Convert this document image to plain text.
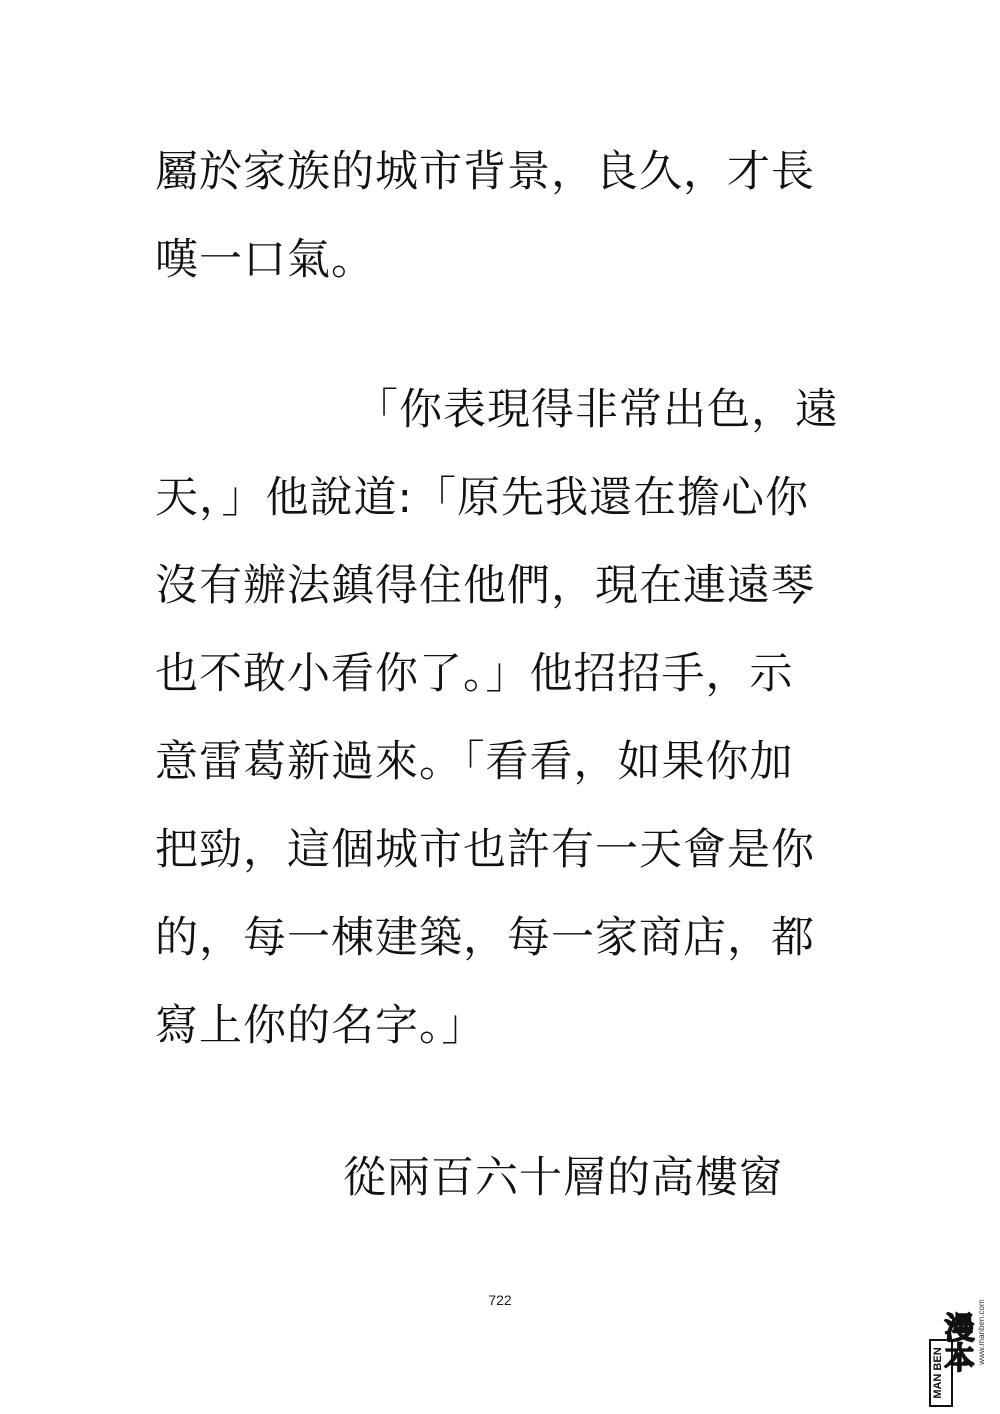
屬於家族的城市背景，良久，才長
嘆一口氣。
「你表現得非常出色，遠
天，」他說道:「原先我還在擔心你
沒有辦法鎮得住他們，現在連遠琴
也不敢小看你了。」他招招手，示
意雷葛新過來。「看看，如果你加
把勁，這個城市也許有一天會是你
的，每一棟建築，每一家商店，都
寫上你的名字。」
從兩百六十層的高樓窗
722
MAN BEN
漫本 www.manben.com
